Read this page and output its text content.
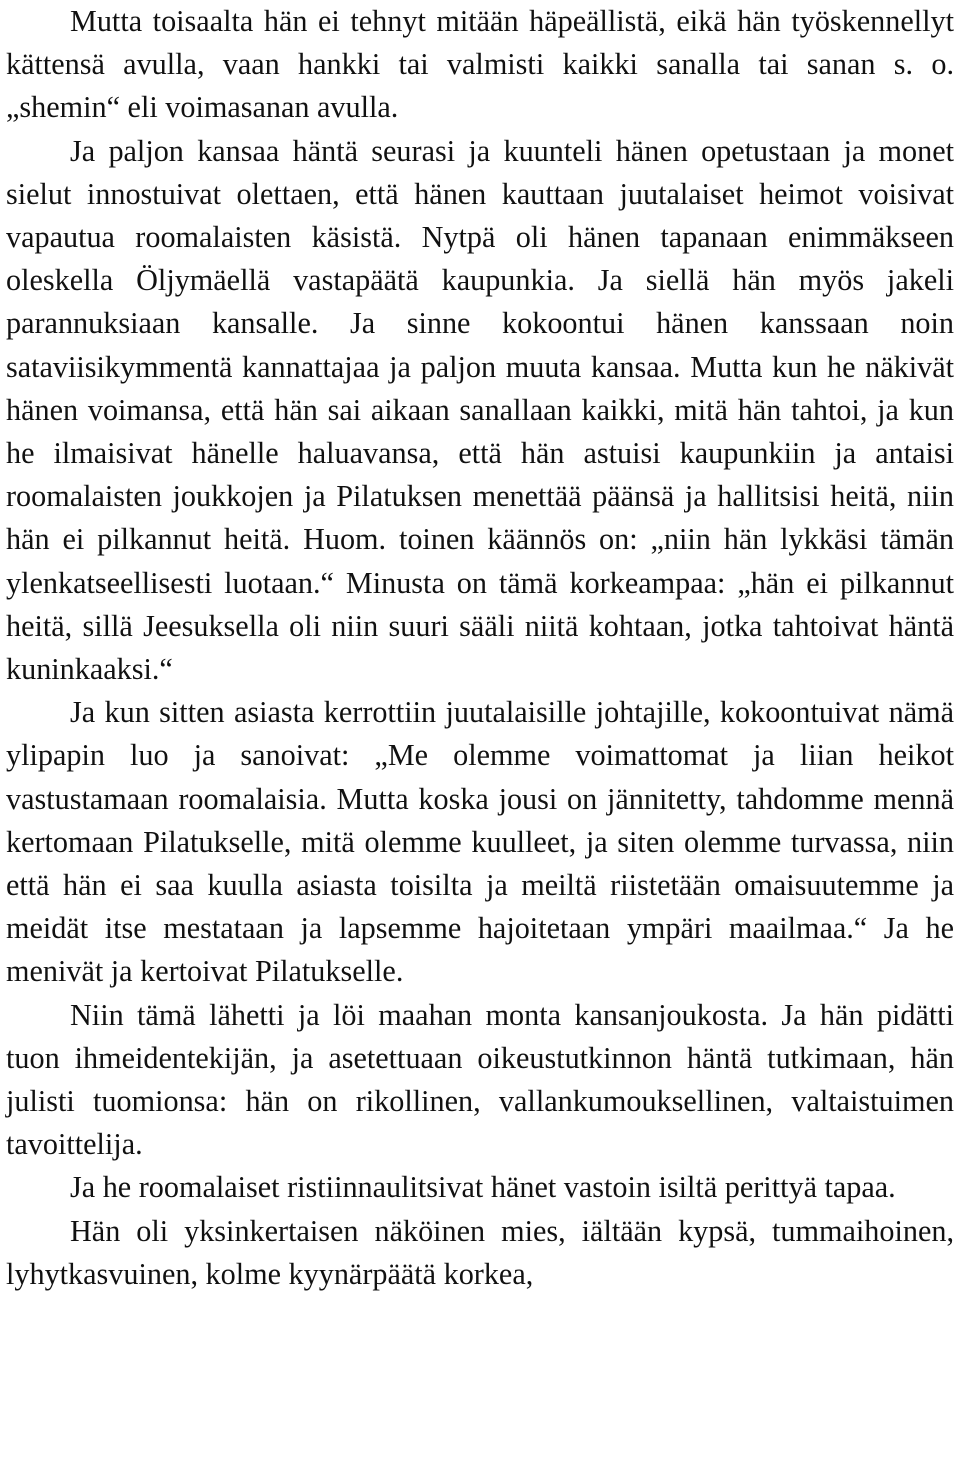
Mutta toisaalta hän ei tehnyt mitään häpeällistä, eikä hän työskennellyt kättensä avulla, vaan hankki tai valmisti kaikki sanalla tai sanan s. o. „shemin“ eli voimasanan avulla.

Ja paljon kansaa häntä seurasi ja kuunteli hänen opetustaan ja monet sielut innostuivat olettaen, että hänen kauttaan juutalaiset heimot voisivat vapautua roomalaisten käsistä. Nytpä oli hänen tapanaan enimmäkseen oleskella Öljymäellä vastapäätä kaupunkia. Ja siellä hän myös jakeli parannuksiaan kansalle. Ja sinne kokoontui hänen kanssaan noin sataviisikymmentä kannattajaa ja paljon muuta kansaa. Mutta kun he näkivät hänen voimansa, että hän sai aikaan sanallaan kaikki, mitä hän tahtoi, ja kun he ilmaisivat hänelle haluavansa, että hän astuisi kaupunkiin ja antaisi roomalaisten joukkojen ja Pilatuksen menettää päänsä ja hallitsisi heitä, niin hän ei pilkannut heitä. Huom. toinen käännös on: „niin hän lykkäsi tämän ylenkatseellisesti luotaan.“ Minusta on tämä korkeampaa: „hän ei pilkannut heitä, sillä Jeesuksella oli niin suuri sääli niitä kohtaan, jotka tahtoivat häntä kuninkaaksi.“

Ja kun sitten asiasta kerrottiin juutalaisille johtajille, kokoontuivat nämä ylipapin luo ja sanoivat: „Me olemme voimattomat ja liian heikot vastustamaan roomalaisia. Mutta koska jousi on jännitetty, tahdomme mennä kertomaan Pilatukselle, mitä olemme kuulleet, ja siten olemme turvassa, niin että hän ei saa kuulla asiasta toisilta ja meiltä riistetään omaisuutemme ja meidät itse mestataan ja lapsemme hajoitetaan ympäri maailmaa.“ Ja he menivät ja kertoivat Pilatukselle.

Niin tämä lähetti ja löi maahan monta kansanjoukosta. Ja hän pidätti tuon ihmeidentekijän, ja asetettuaan oikeustutkinnon häntä tutkimaan, hän julisti tuomionsa: hän on rikollinen, vallankumouksellinen, valtaistuimen tavoittelija.

Ja he roomalaiset ristiinnaulitsivat hänet vastoin isiltä perittyä tapaa.

Hän oli yksinkertaisen näköinen mies, iältään kypsä, tummaihoinen, lyhytkasvuinen, kolme kyynärpäätä korkea,
